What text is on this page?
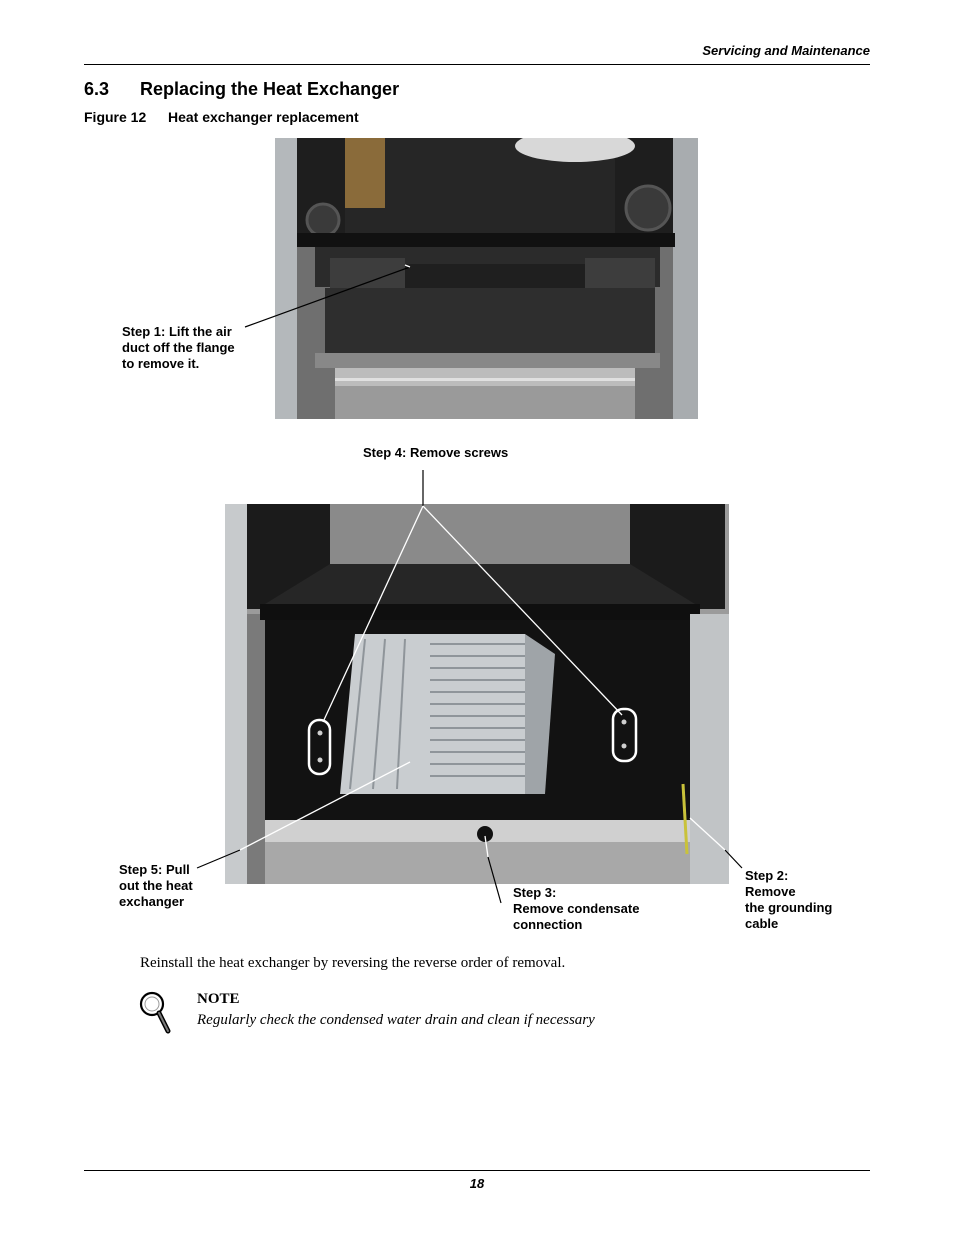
Servicing and Maintenance
6.3 Replacing the Heat Exchanger
Figure 12 Heat exchanger replacement
Step 1: Lift the air
duct off the flange
to remove it.
Step 4: Remove screws
Step 5: Pull
out the heat
exchanger
Step 3:
Remove condensate
connection
Step 2:
Remove
the grounding
cable
Reinstall the heat exchanger by reversing the reverse order of removal.
NOTE
Regularly check the condensed water drain and clean if necessary
18
